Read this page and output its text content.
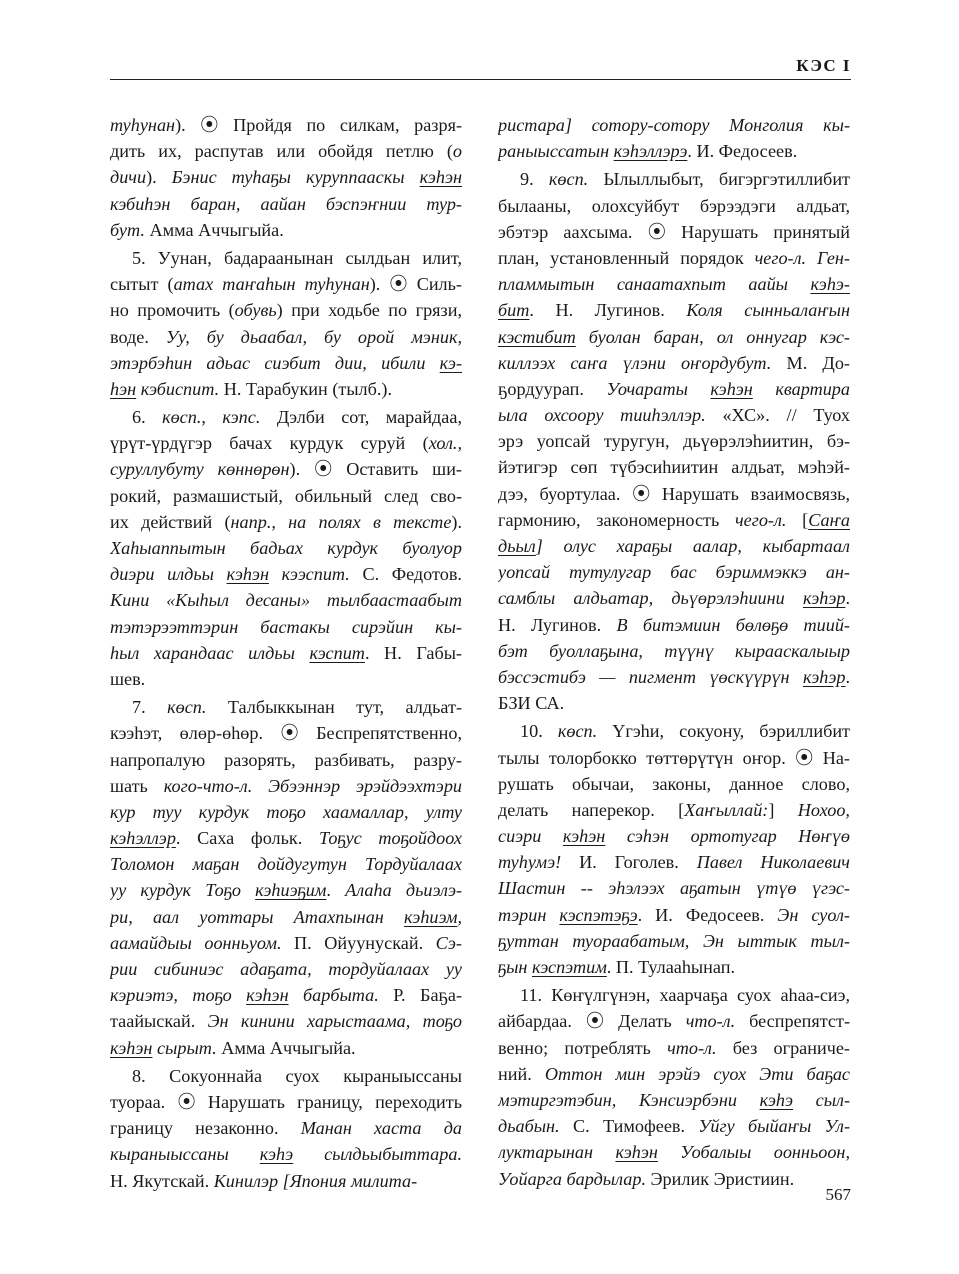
КЭС I
туhунан). ⦿ Пройдя по силкам, разря-
дить их, распутав или обойдя петлю (о
дичи). Бэнис туhаҕы куруппааскы кэhэн
кэбиhэн баран, аайан бэспэҥнии тур-
бут. Амма Аччыгыйа.
5. Уунан, бадараанынан сылдьан илит,
сытыт (атах таҥаhын туhунан). ⦿ Силь-
но промочить (обувь) при ходьбе по грязи,
воде. Уу, бу дьаабал, бу орой мэник,
этэрбэhин адьас сиэбит дии, ибили кэ-
hэн кэбиспит. Н. Тарабукин (тылб.).
6. көсп., кэпс. Дэлби сот, марайдаа,
үрүт-үрдүгэр бачах курдук суруй (хол.,
суруллубуту көннөрөн). ⦿ Оставить ши-
рокий, размашистый, обильный след сво-
их действий (напр., на полях в тексте).
Хаhыаппытын бадьах курдук буолуор
диэри илдьы кэhэн кээспит. С. Федотов.
Кини «Кыhыл десаны» тылбаастаабыт
тэтэрээттэрин бастакы сирэйин кы-
hыл харандаас илдьы кэспит. Н. Габы-
шев.
7. көсп. Талбыккынан тут, алдьат-
кээhэт, өлөр-өhөр. ⦿ Беспрепятственно,
напропалую разорять, разбивать, разру-
шать кого-что-л. Эбээннэр эрэйдээхтэри
кур туу курдук тоҕо хаамаллар, улту
кэhэллэр. Саха фольк. Тоҕус тоҕойдоох
Толомон маҕан дойдугутун Тордуйалаах
уу курдук Тоҕо кэhиэҕим. Алаhа дьиэлэ-
ри, аал уоттары Атахпынан кэhиэм,
аамайдыы оонньуом. П. Ойуунускай. Сэ-
рии сибиниэс адаҕата, тордуйалаах уу
кэриэтэ, тоҕо кэhэн барбыта. Р. Баҕа-
таайыскай. Эн кинини харыстаама, тоҕо
кэhэн сырыт. Амма Аччыгыйа.
8. Сокуоннайа суох кыраныыссаны
туораа. ⦿ Нарушать границу, переходить
границу незаконно. Манан хаста да
кыраныыссаны кэhэ сылдьыбыттара.
Н. Якутскай. Кинилэр [Япония милита-
ристара] сотору-сотору Монголия кы-
раныыссатын кэhэллэрэ. И. Федосеев.
9. көсп. Ылыллыбыт, бигэргэтиллибит
былааны, олохсуйбут бэрээдэги алдьат,
эбэтэр аахсыма. ⦿ Нарушать принятый
план, установленный порядок чего-л. Ген-
пламмытын санаатахпыт аайы кэhэ-
бит. Н. Лугинов. Коля сынньалаҥын
кэстибит буолан баран, ол оннугар кэс-
киллээх саҥа үлэни оҥордубут. М. До-
ҕордуурап. Уочараты кэhэн квартира
ыла охсоору тииhэллэр. «ХС». // Туох
эрэ уопсай туругун, дьүөрэлэhиитин, бэ-
йэтигэр сөп түбэсиhиитин алдьат, мэhэй-
дээ, буортулаа. ⦿ Нарушать взаимосвязь,
гармонию, закономерность чего-л. [Саҥа
дьыл] олус хараҕы аалар, кыбартаал
уопсай тутулугар бас бэриммэккэ ан-
самблы алдьатар, дьүөрэлэhиини кэhэр.
Н. Лугинов. В битэмиин бөлөҕө тиий-
бэт буоллаҕына, түүнү кырааскалыыр
бэссэстибэ — пигмент үөскүүрүн кэhэр.
БЗИ СА.
10. көсп. Үгэhи, сокуону, бэриллибит
тылы толорбокко төттөрүтүн оҥор. ⦿ На-
рушать обычаи, законы, данное слово,
делать наперекор. [Хаҥыллай:] Нохоо,
сиэри кэhэн сэhэн ортотугар Нөҥүө
туhумэ! И. Гоголев. Павел Николаевич
Шастин -- эhэлээх аҕатын үтүө үгэс-
тэрин кэспэтэҕэ. И. Федосеев. Эн суол-
ҕуттан туораабатым, Эн ыттык тыл-
ҕын кэспэтим. П. Тулааhынап.
11. Көҥүлгүнэн, хаарчаҕа суох аhаа-сиэ,
айбардаа. ⦿ Делать что-л. беспрепятст-
венно; потреблять что-л. без ограниче-
ний. Оттон мин эрэйэ суох Эти баҕас
мэтиргэтэбин, Кэнсиэрбэни кэhэ сыл-
дьабын. С. Тимофеев. Уйгу быйаҥы Ул-
луктарынан кэhэн Уобалыы оонньоон,
Уойарга бардылар. Эрилик Эристиин.
567
